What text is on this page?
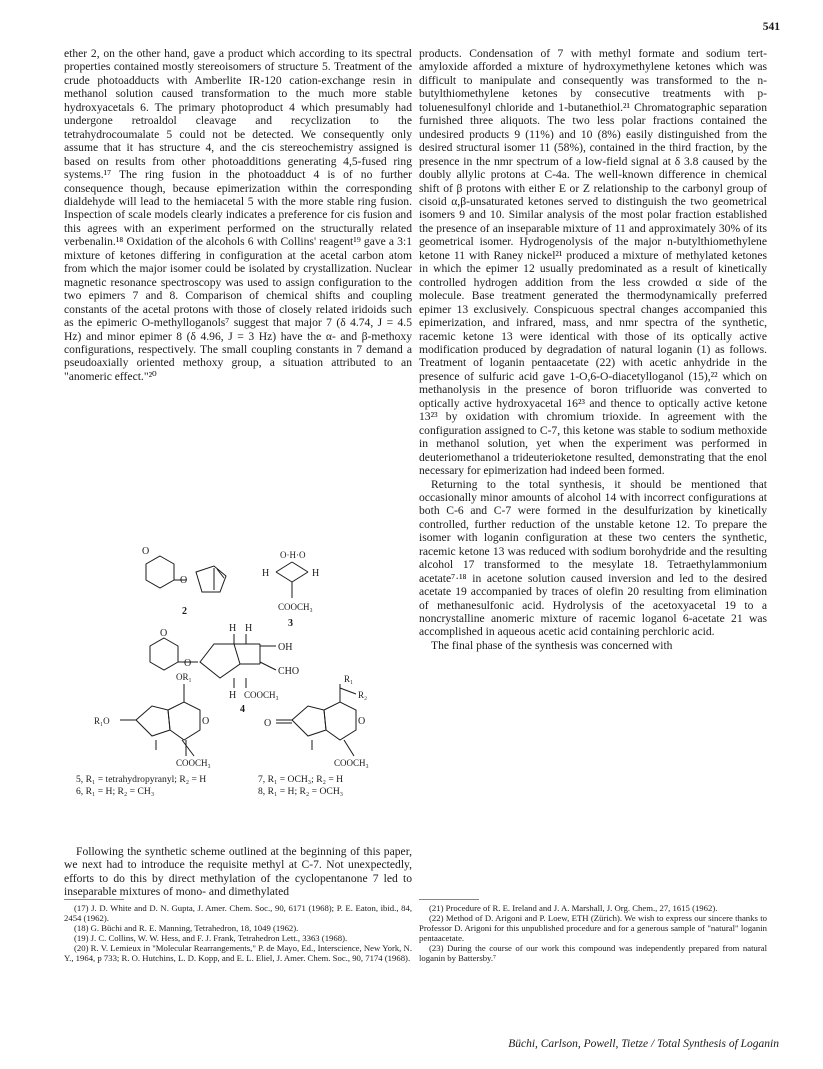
541

ether 2, on the other hand, gave a product which according to its spectral properties contained mostly stereoisomers of structure 5. Treatment of the crude photoadducts with Amberlite IR-120 cation-exchange resin in methanol solution caused transformation to the much more stable hydroxyacetals 6. The primary photoproduct 4 which presumably had undergone retroaldol cleavage and recyclization to the tetrahydrocoumalate 5 could not be detected. We consequently only assume that it has structure 4, and the cis stereochemistry assigned is based on results from other photoadditions generating 4,5-fused ring systems.¹⁷ The ring fusion in the photoadduct 4 is of no further consequence though, because epimerization within the corresponding dialdehyde will lead to the hemiacetal 5 with the more stable ring fusion. Inspection of scale models clearly indicates a preference for cis fusion and this agrees with an experiment performed on the structurally related verbenalin.¹⁸ Oxidation of the alcohols 6 with Collins' reagent¹⁹ gave a 3:1 mixture of ketones differing in configuration at the acetal carbon atom from which the major isomer could be isolated by crystallization. Nuclear magnetic resonance spectroscopy was used to assign configuration to the two epimers 7 and 8. Comparison of chemical shifts and coupling constants of the acetal protons with those of closely related iridoids such as the epimeric O-methylloganols⁷ suggest that major 7 (δ 4.74, J = 4.5 Hz) and minor epimer 8 (δ 4.96, J = 3 Hz) have the α- and β-methoxy configurations, respectively. The small coupling constants in 7 demand a pseudoaxially oriented methoxy group, a situation attributed to an "anomeric effect."²⁰

products. Condensation of 7 with methyl formate and sodium tert-amyloxide afforded a mixture of hydroxymethylene ketones which was difficult to manipulate and consequently was transformed to the n-butylthiomethylene ketones by consecutive treatments with p-toluenesulfonyl chloride and 1-butanethiol.²¹ Chromatographic separation furnished three aliquots. The two less polar fractions contained the undesired products 9 (11%) and 10 (8%) easily distinguished from the desired structural isomer 11 (58%), contained in the third fraction, by the presence in the nmr spectrum of a low-field signal at δ 3.8 caused by the doubly allylic protons at C-4a. The well-known difference in chemical shift of β protons with either E or Z relationship to the carbonyl group of cisoid α,β-unsaturated ketones served to distinguish the two geometrical isomers 9 and 10. Similar analysis of the most polar fraction established the presence of an inseparable mixture of 11 and approximately 30% of its geometrical isomer. Hydrogenolysis of the major n-butylthiomethylene ketone 11 with Raney nickel²¹ produced a mixture of methylated ketones in which the epimer 12 usually predominated as a result of kinetically controlled hydrogen addition from the less crowded α side of the molecule. Base treatment generated the thermodynamically preferred epimer 13 exclusively. Conspicuous spectral changes accompanied this epimerization, and infrared, mass, and nmr spectra of the synthetic, racemic ketone 13 were identical with those of its optically active modification produced by degradation of natural loganin (1) as follows. Treatment of loganin pentaacetate (22) with acetic anhydride in the presence of sulfuric acid gave 1-O,6-O-diacetylloganol (15),²² which on methanolysis in the presence of boron trifluoride was converted to optically active hydroxyacetal 16²³ and thence to optically active ketone 13²³ by oxidation with chromium trioxide. In agreement with the configuration assigned to C-7, this ketone was stable to sodium methoxide in methanol solution, yet when the experiment was performed in deuteriomethanol a trideuterioketone resulted, demonstrating that the enol necessary for epimerization had indeed been formed.

Returning to the total synthesis, it should be mentioned that occasionally minor amounts of alcohol 14 with incorrect configurations at both C-6 and C-7 were formed in the desulfurization by kinetically controlled, further reduction of the unstable ketone 12. To prepare the isomer with loganin configuration at these two centers the synthetic, racemic ketone 13 was reduced with sodium borohydride and the resulting alcohol 17 transformed to the mesylate 18. Tetraethylammonium acetate⁷·¹⁸ in acetone solution caused inversion and led to the desired acetate 19 accompanied by traces of olefin 20 resulting from elimination of methanesulfonic acid. Hydrolysis of the acetoxyacetal 19 to a noncrystalline anomeric mixture of racemic loganol 6-acetate 21 was accomplished in aqueous acetic acid containing perchloric acid.

The final phase of the synthesis was concerned with

O
O
2
O·H·O
H	H
COOCH₃
3
H H
O
O
OH
CHO
H COOCH₃
4
OR₁
R₁O	O
COOCH₃
R₁
R₂
O	O
COOCH₃
5, R₁ = tetrahydropyranyl; R₂ = H
6, R₁ = H; R₂ = CH₃
7, R₁ = OCH₃; R₂ = H
8, R₁ = H; R₂ = OCH₃

Following the synthetic scheme outlined at the beginning of this paper, we next had to introduce the requisite methyl at C-7. Not unexpectedly, efforts to do this by direct methylation of the cyclopentanone 7 led to inseparable mixtures of mono- and dimethylated

(17) J. D. White and D. N. Gupta, J. Amer. Chem. Soc., 90, 6171 (1968); P. E. Eaton, ibid., 84, 2454 (1962).
(18) G. Büchi and R. E. Manning, Tetrahedron, 18, 1049 (1962).
(19) J. C. Collins, W. W. Hess, and F. J. Frank, Tetrahedron Lett., 3363 (1968).
(20) R. V. Lemieux in "Molecular Rearrangements," P. de Mayo, Ed., Interscience, New York, N. Y., 1964, p 733; R. O. Hutchins, L. D. Kopp, and E. L. Eliel, J. Amer. Chem. Soc., 90, 7174 (1968).
(21) Procedure of R. E. Ireland and J. A. Marshall, J. Org. Chem., 27, 1615 (1962).
(22) Method of D. Arigoni and P. Loew, ETH (Zürich). We wish to express our sincere thanks to Professor D. Arigoni for this unpublished procedure and for a generous sample of "natural" loganin pentaacetate.
(23) During the course of our work this compound was independently prepared from natural loganin by Battersby.⁷
Büchi, Carlson, Powell, Tietze / Total Synthesis of Loganin
